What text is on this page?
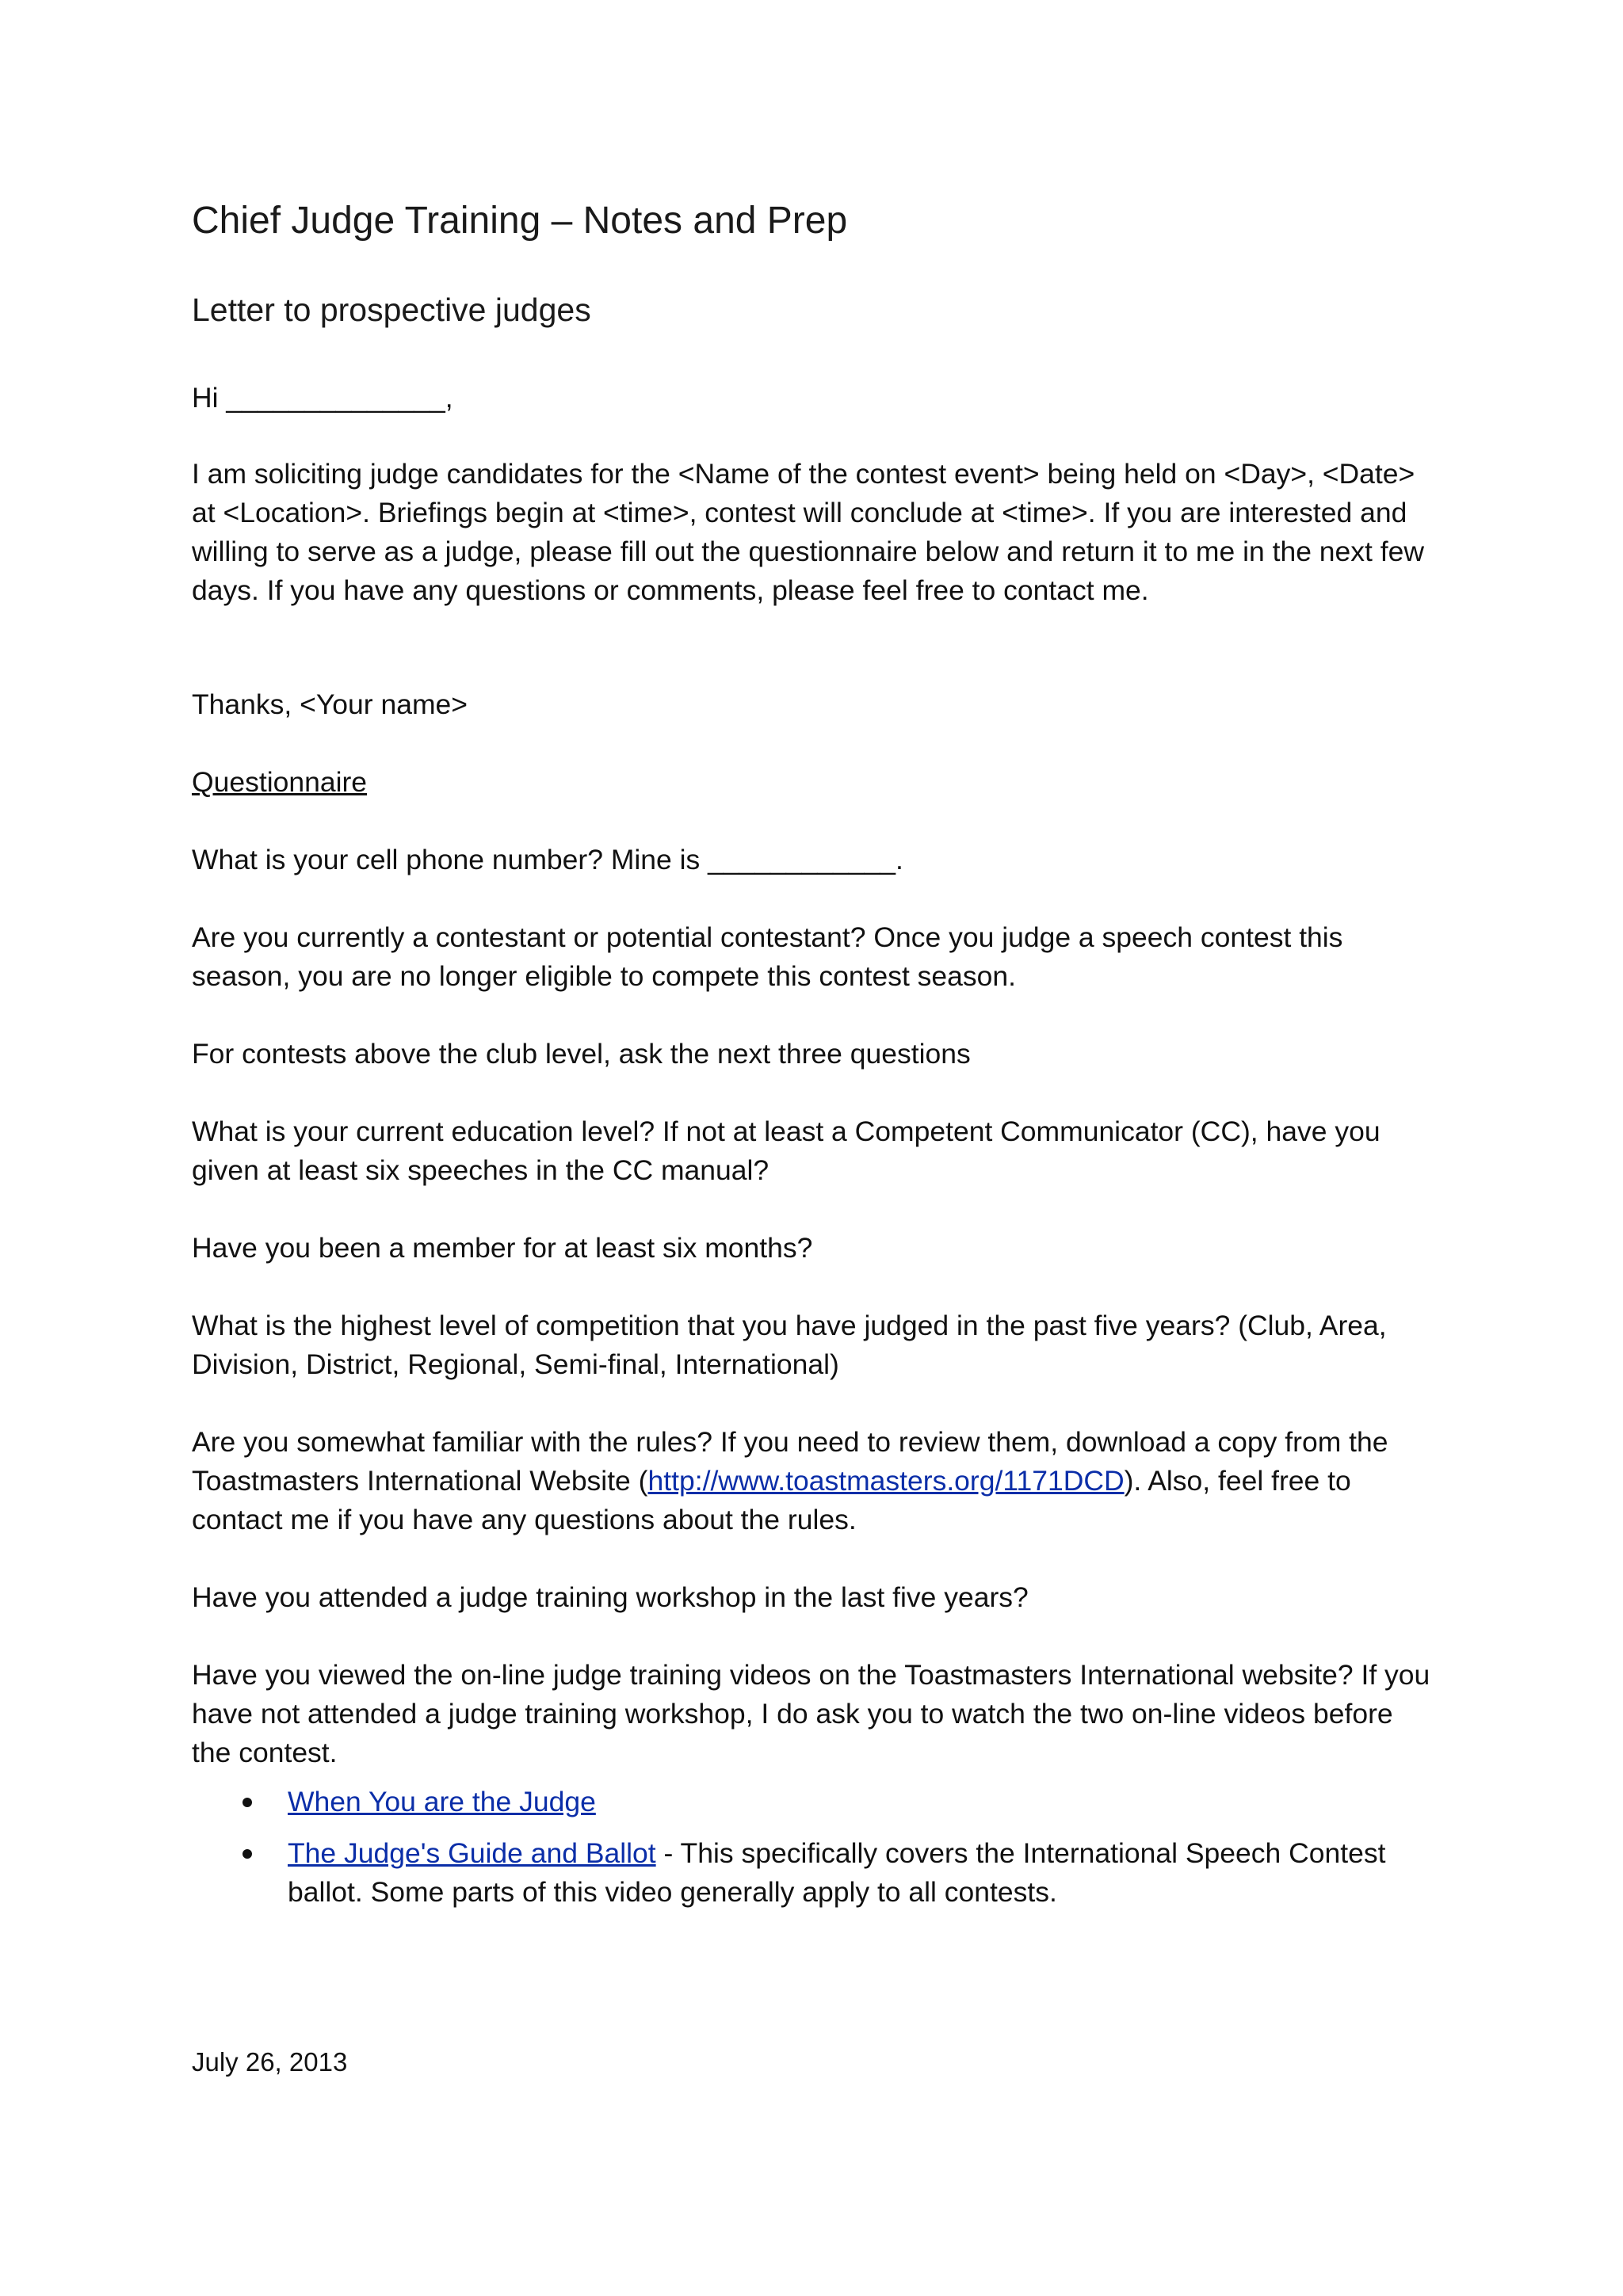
Chief Judge Training – Notes and Prep
Letter to prospective judges

Hi ______________,

I am soliciting judge candidates for the <Name of the contest event> being held on <Day>, <Date> at <Location>. Briefings begin at <time>, contest will conclude at <time>. If you are interested and willing to serve as a judge, please fill out the questionnaire below and return it to me in the next few days. If you have any questions or comments, please feel free to contact me.

Thanks, <Your name>

Questionnaire

What is your cell phone number? Mine is ____________.

Are you currently a contestant or potential contestant? Once you judge a speech contest this season, you are no longer eligible to compete this contest season.

For contests above the club level, ask the next three questions

What is your current education level? If not at least a Competent Communicator (CC), have you given at least six speeches in the CC manual?

Have you been a member for at least six months?

What is the highest level of competition that you have judged in the past five years? (Club, Area, Division, District, Regional, Semi-final, International)

Are you somewhat familiar with the rules? If you need to review them, download a copy from the Toastmasters International Website (http://www.toastmasters.org/1171DCD). Also, feel free to contact me if you have any questions about the rules.

Have you attended a judge training workshop in the last five years?

Have you viewed the on-line judge training videos on the Toastmasters International website? If you have not attended a judge training workshop, I do ask you to watch the two on-line videos before the contest.

When You are the Judge
The Judge's Guide and Ballot - This specifically covers the International Speech Contest ballot. Some parts of this video generally apply to all contests.

July 26, 2013
